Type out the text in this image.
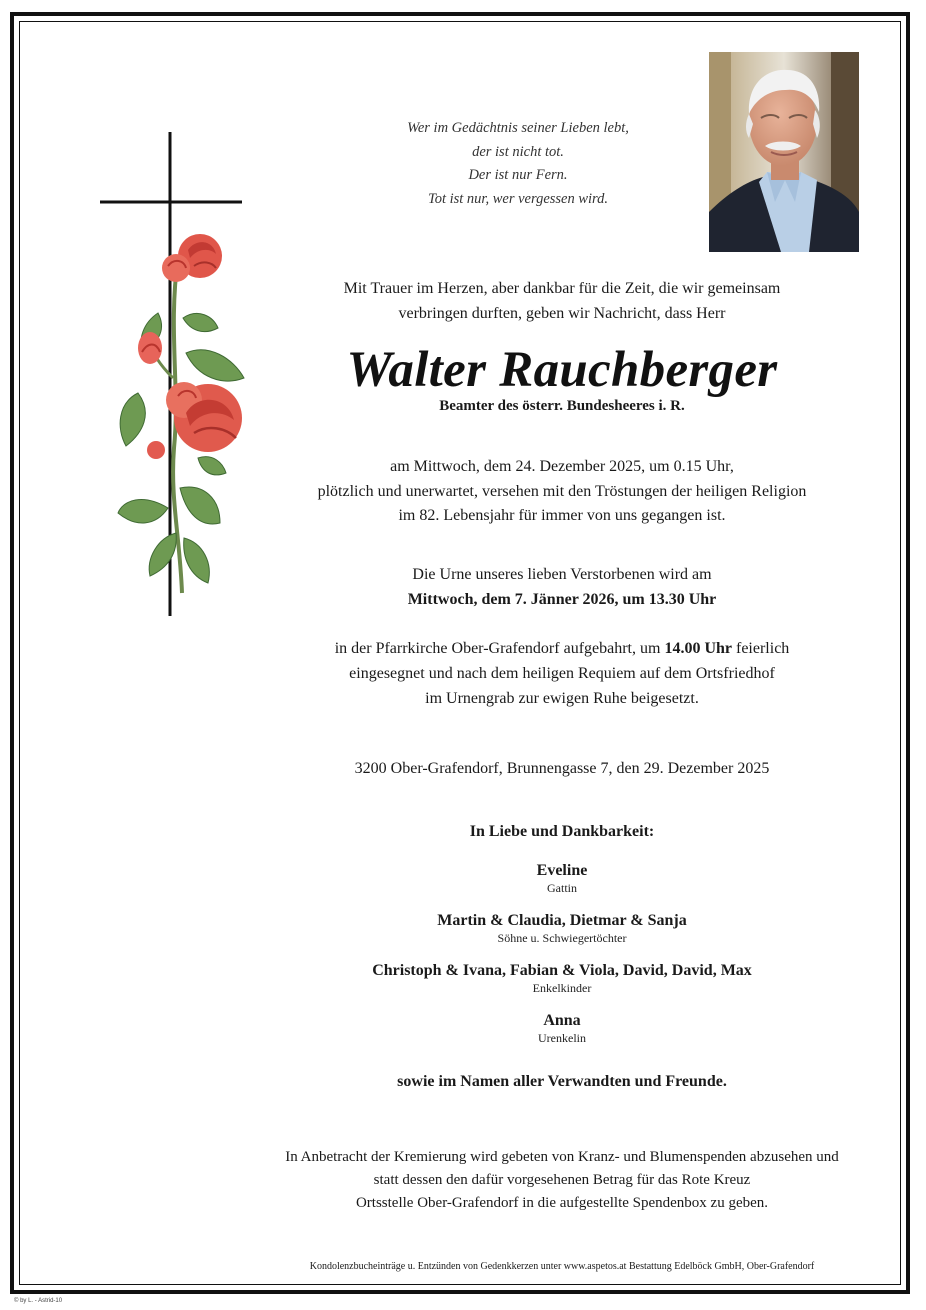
Wer im Gedächtnis seiner Lieben lebt,
der ist nicht tot.
Der ist nur Fern.
Tot ist nur, wer vergessen wird.
Mit Trauer im Herzen, aber dankbar für die Zeit, die wir gemeinsam
verbringen durften, geben wir Nachricht, dass Herr
Walter Rauchberger
Beamter des österr. Bundesheeres i. R.
am Mittwoch, dem 24. Dezember 2025, um 0.15 Uhr,
plötzlich und unerwartet, versehen mit den Tröstungen der heiligen Religion
im 82. Lebensjahr für immer von uns gegangen ist.
Die Urne unseres lieben Verstorbenen wird am
Mittwoch, dem 7. Jänner 2026, um 13.30 Uhr
in der Pfarrkirche Ober-Grafendorf aufgebahrt, um 14.00 Uhr feierlich
eingesegnet und nach dem heiligen Requiem auf dem Ortsfriedhof
im Urnengrab zur ewigen Ruhe beigesetzt.
3200 Ober-Grafendorf, Brunnengasse 7, den 29. Dezember 2025
In Liebe und Dankbarkeit:
Eveline
Gattin
Martin & Claudia, Dietmar & Sanja
Söhne u. Schwiegertöchter
Christoph & Ivana, Fabian & Viola, David, David, Max
Enkelkinder
Anna
Urenkelin
sowie im Namen aller Verwandten und Freunde.
In Anbetracht der Kremierung wird gebeten von Kranz- und Blumenspenden abzusehen und
statt dessen den dafür vorgesehenen Betrag für das Rote Kreuz
Ortsstelle Ober-Grafendorf in die aufgestellte Spendenbox zu geben.
Kondolenzbucheinträge u. Entzünden von Gedenkkerzen unter www.aspetos.at Bestattung Edelböck GmbH, Ober-Grafendorf
© by L. - Astrid-10
